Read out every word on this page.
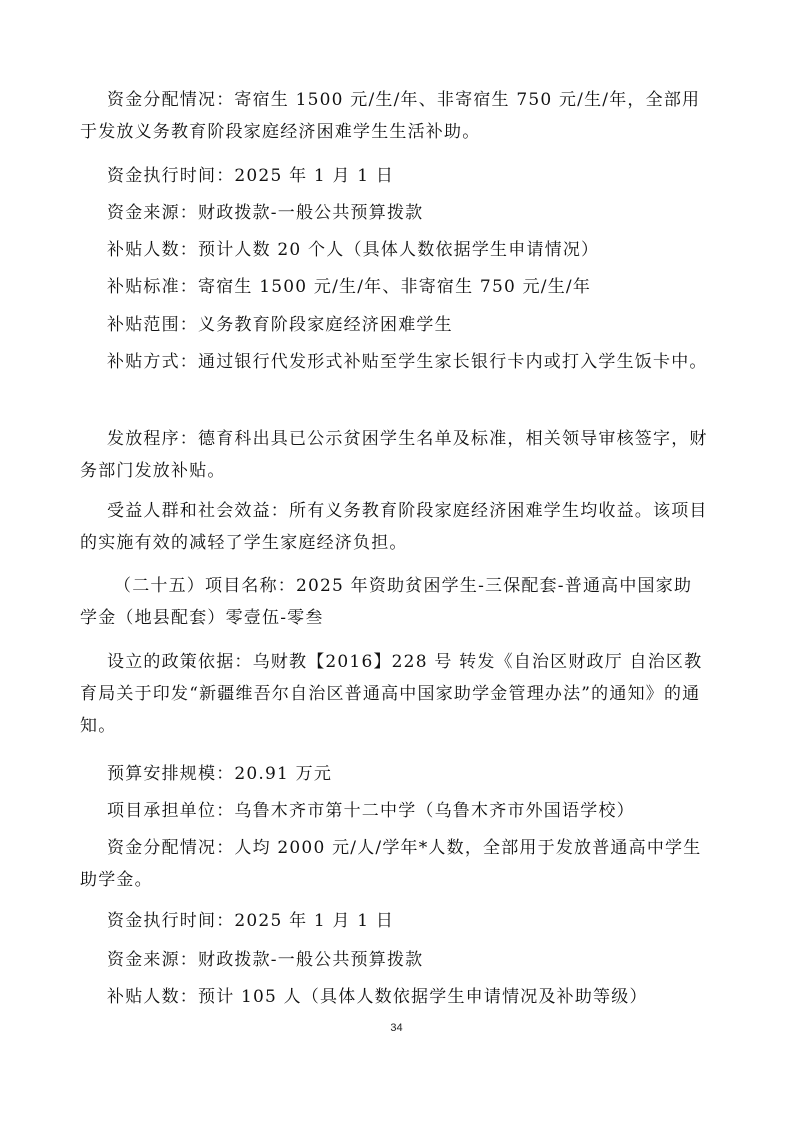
资金分配情况：寄宿生 1500 元/生/年、非寄宿生 750 元/生/年，全部用于发放义务教育阶段家庭经济困难学生生活补助。

资金执行时间：2025 年 1 月 1 日

资金来源：财政拨款-一般公共预算拨款

补贴人数：预计人数 20 个人（具体人数依据学生申请情况）

补贴标准：寄宿生 1500 元/生/年、非寄宿生 750 元/生/年

补贴范围：义务教育阶段家庭经济困难学生

补贴方式：通过银行代发形式补贴至学生家长银行卡内或打入学生饭卡中。

发放程序：德育科出具已公示贫困学生名单及标准，相关领导审核签字，财务部门发放补贴。

受益人群和社会效益：所有义务教育阶段家庭经济困难学生均收益。该项目的实施有效的减轻了学生家庭经济负担。

（二十五）项目名称：2025 年资助贫困学生-三保配套-普通高中国家助学金（地县配套）零壹伍-零叁

设立的政策依据：乌财教【2016】228 号 转发《自治区财政厅 自治区教育局关于印发“新疆维吾尔自治区普通高中国家助学金管理办法”的通知》的通知。

预算安排规模：20.91 万元

项目承担单位：乌鲁木齐市第十二中学（乌鲁木齐市外国语学校）

资金分配情况：人均 2000 元/人/学年*人数，全部用于发放普通高中学生助学金。

资金执行时间：2025 年 1 月 1 日

资金来源：财政拨款-一般公共预算拨款

补贴人数：预计 105 人（具体人数依据学生申请情况及补助等级）

34
